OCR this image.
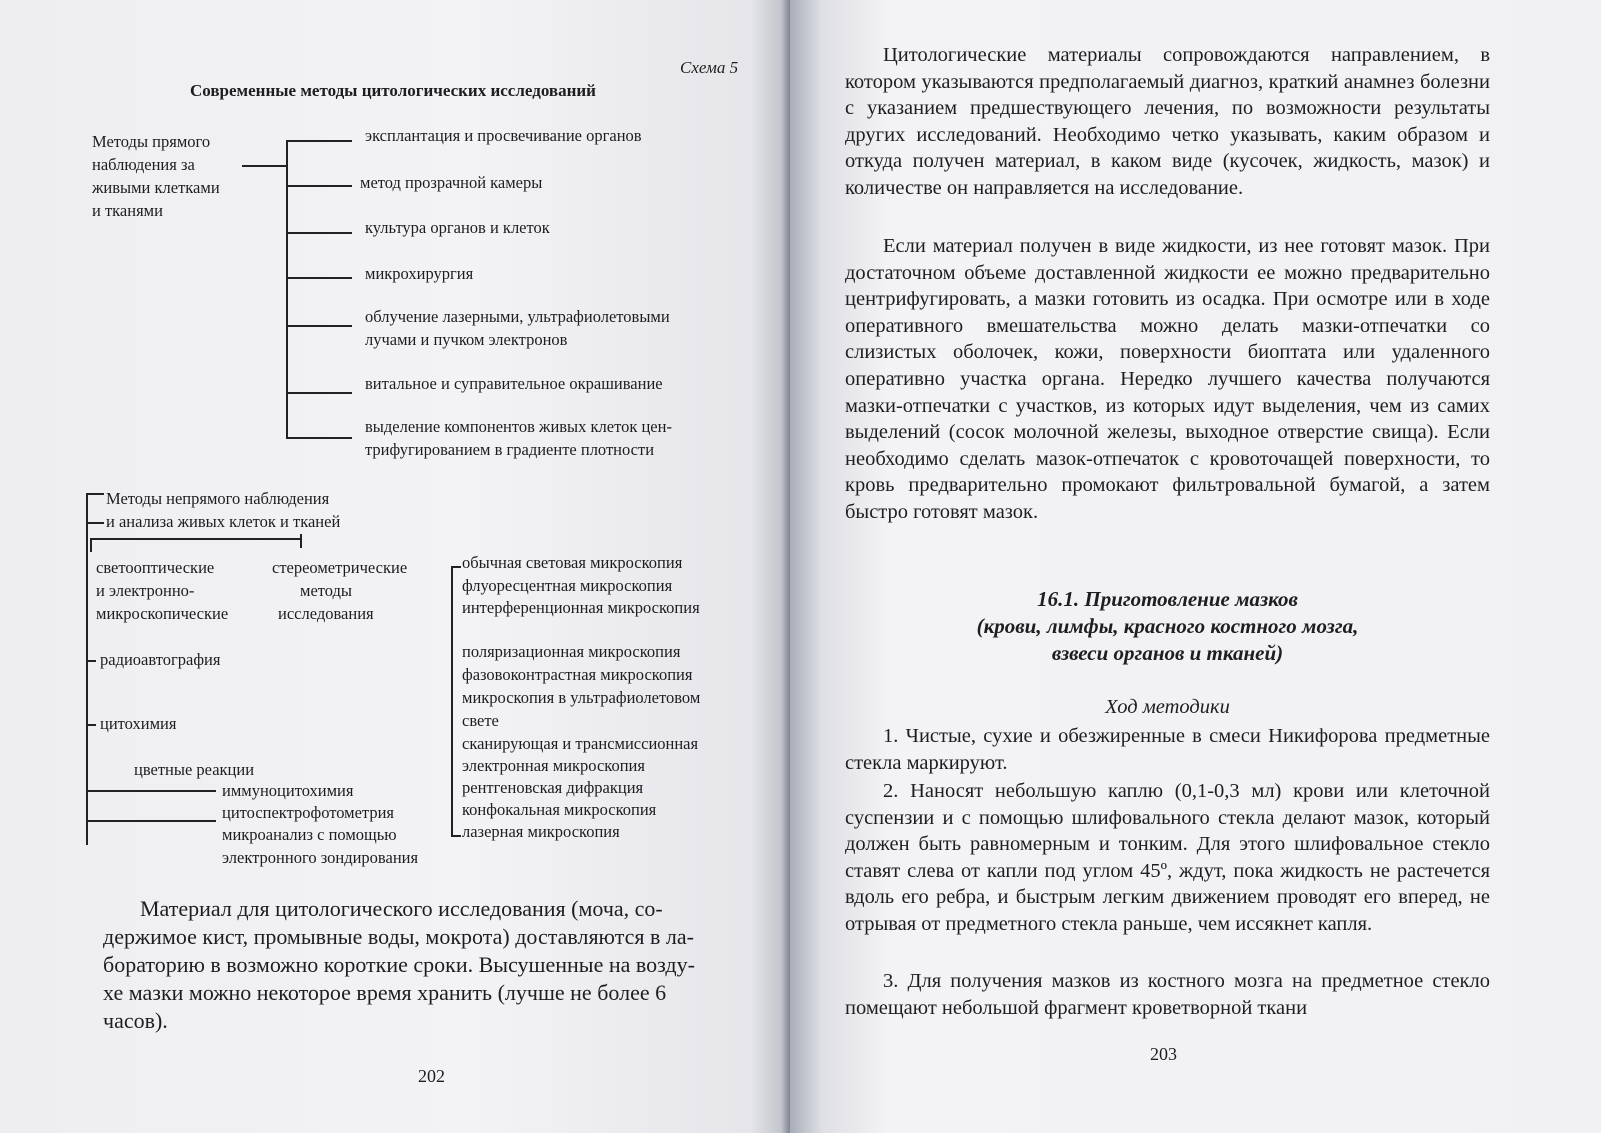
Схема 5
Современные методы цитологических исследований
Методы прямого
наблюдения за
живыми клетками
и тканями
эксплантация и просвечивание органов
метод прозрачной камеры
культура органов и клеток
микрохирургия
облучение лазерными, ультрафиолетовыми
лучами и пучком электронов
витальное и суправительное окрашивание
выделение компонентов живых клеток цен-
трифугированием в градиенте плотности
Методы непрямого наблюдения
и анализа живых клеток и тканей
светооптические
и электронно-
микроскопические
стереометрические
методы
исследования
радиоавтография
цитохимия
цветные реакции
иммуноцитохимия
цитоспектрофотометрия
микроанализ с помощью
электронного зондирования
обычная световая микроскопия
флуоресцентная микроскопия
интерференционная микроскопия
поляризационная микроскопия
фазовоконтрастная микроскопия
микроскопия в ультрафиолетовом
свете
сканирующая и трансмиссионная
электронная микроскопия
рентгеновская дифракция
конфокальная микроскопия
лазерная микроскопия
Материал для цитологического исследования (моча, со-
держимое кист, промывные воды, мокрота) доставляются в ла-
бораторию в возможно короткие сроки. Высушенные на возду-
хе мазки можно некоторое время хранить (лучше не более 6
часов).
202
Цитологические материалы сопровождаются направлением, в котором указываются предполагаемый диагноз, краткий анамнез болезни с указанием предшествующего лечения, по возможности результаты других исследований. Необходимо четко указывать, каким образом и откуда получен материал, в каком виде (кусочек, жидкость, мазок) и количестве он направляется на исследование.
Если материал получен в виде жидкости, из нее готовят мазок. При достаточном объеме доставленной жидкости ее можно предварительно центрифугировать, а мазки готовить из осадка. При осмотре или в ходе оперативного вмешательства можно делать мазки-отпечатки со слизистых оболочек, кожи, поверхности биоптата или удаленного оперативно участка органа. Нередко лучшего качества получаются мазки-отпечатки с участков, из которых идут выделения, чем из самих выделений (сосок молочной железы, выходное отверстие свища). Если необходимо сделать мазок-отпечаток с кровоточащей поверхности, то кровь предварительно промокают фильтровальной бумагой, а затем быстро готовят мазок.
16.1. Приготовление мазков
(крови, лимфы, красного костного мозга,
взвеси органов и тканей)
Ход методики
1. Чистые, сухие и обезжиренные в смеси Никифорова предметные стекла маркируют.
2. Наносят небольшую каплю (0,1-0,3 мл) крови или клеточной суспензии и с помощью шлифовального стекла делают мазок, который должен быть равномерным и тонким. Для этого шлифовальное стекло ставят слева от капли под углом 45º, ждут, пока жидкость не растечется вдоль его ребра, и быстрым легким движением проводят его вперед, не отрывая от предметного стекла раньше, чем иссякнет капля.
3. Для получения мазков из костного мозга на предметное стекло помещают небольшой фрагмент кроветворной ткани
203
